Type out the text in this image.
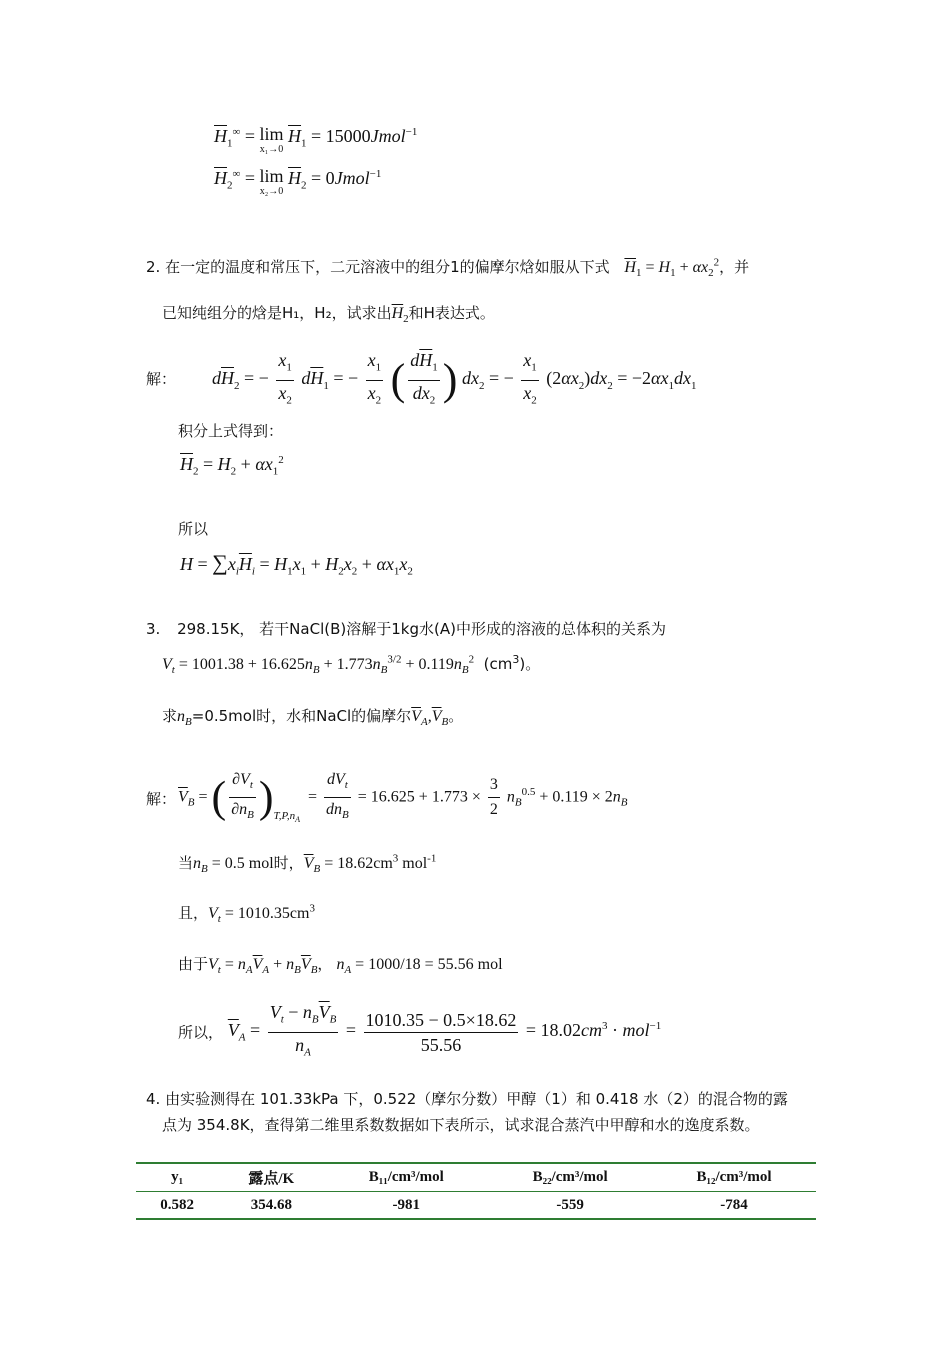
$\overline{H}_1^\infty = \lim$
x₁→0
$\overline{H}_1$ = 15000Jmol$^{-1}$
$\overline{H}_2^\infty = \lim$
x₂→0
$\overline{H}_2$ = 0Jmol$^{-1}$
2. 在一定的温度和常压下，二元溶液中的组分1的偏摩尔焓如服从下式 $\overline{H}_1 = H_1 + \alpha x_2^2$，并
已知纯组分的焓是H₁，H₂，试求出$\overline{H}_2$和H表达式。
解： $d\overline{H}_2$ = − $\frac{x_1}{x_2} d\overline{H}_1$ = − $\frac{x_1}{x_2}$ ( $\frac{d\overline{H}_1}{dx_2}$ ) $dx_2$ = − $\frac{x_1}{x_2} (2\alpha x_2)dx_2 = -2\alpha x_1dx_1$
积分上式得到：
$\overline{H}_2 = H_2 + \alpha x_1^2$
所以
$H = \sum x_i\overline{H}_i = H_1x_1 + H_2x_2 + \alpha x_1x_2$
3. 298.15K， 若干NaCl(B)溶解于1kg水(A)中形成的溶液的总体积的关系为
$V_t = 1001.38 + 16.625n_B + 1.773n_B^{3/2} + 0.119n_B^2$  $(cm^3)$。
求$n_B=0.5mol$时，水和NaCl的偏摩尔$\overline{V}_A,\overline{V}_B$。
解： $\overline{V}_B$ = ( $\frac{\partial V_t}{\partial n_B} )_{T,P,n_A} = \frac{dV_t}{dn_B} = 16.625 + 1.773 \times \frac{3}{2} n_B^{0.5} + 0.119 \times 2n_B$
当$n_B = 0.5$ mol时，$\overline{V}_B = 18.62cm^3$ mol$^{-1}$
且，$V_t = 1010.35cm^3$
由于$V_t = n_A\overline{V}_A + n_B\overline{V}_B$， $n_A = 1000/18 = 55.56$ mol
所以， $\overline{V}_A = \frac{V_t - n_B\overline{V}_B}{n_A} = \frac{1010.35 - 0.5\times 18.62}{55.56} = 18.02cm^3 \cdot mol^{-1}$
4. 由实验测得在 101.33kPa 下，0.522（摩尔分数）甲醇（1）和 0.418 水（2）的混合物的露
点为 354.8K，查得第二维里系数数据如下表所示，试求混合蒸汽中甲醇和水的逸度系数。
y₁	露点/K	B₁₁/cm³/mol	B₂₂/cm³/mol	B₁₂/cm³/mol
0.582	354.68	-981	-559	-784
